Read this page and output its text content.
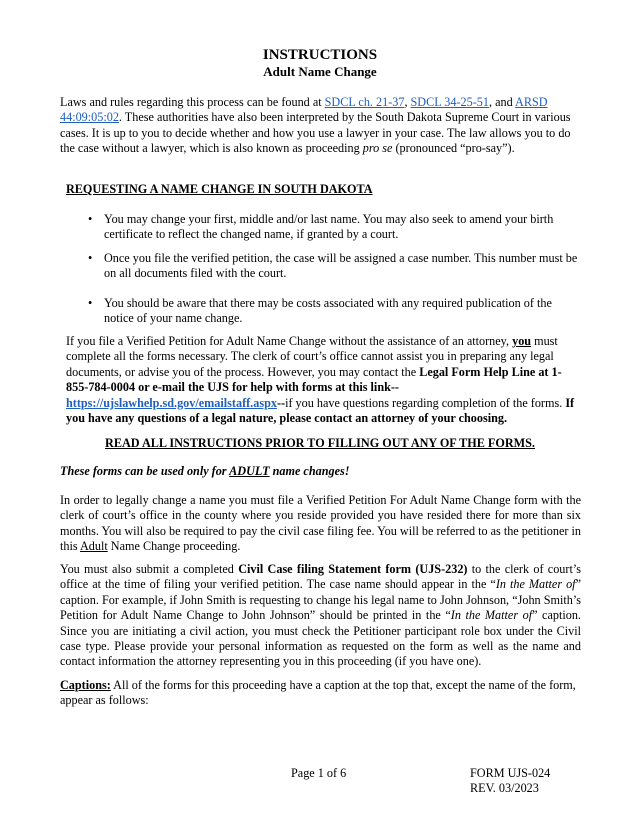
INSTRUCTIONS
Adult Name Change
Laws and rules regarding this process can be found at SDCL ch. 21-37, SDCL 34-25-51, and ARSD 44:09:05:02. These authorities have also been interpreted by the South Dakota Supreme Court in various cases. It is up to you to decide whether and how you use a lawyer in your case. The law allows you to do the case without a lawyer, which is also known as proceeding pro se (pronounced “pro-say”).
REQUESTING A NAME CHANGE IN SOUTH DAKOTA
• You may change your first, middle and/or last name. You may also seek to amend your birth certificate to reflect the changed name, if granted by a court.
• Once you file the verified petition, the case will be assigned a case number. This number must be on all documents filed with the court.
• You should be aware that there may be costs associated with any required publication of the notice of your name change.
If you file a Verified Petition for Adult Name Change without the assistance of an attorney, you must complete all the forms necessary. The clerk of court’s office cannot assist you in preparing any legal documents, or advise you of the process. However, you may contact the Legal Form Help Line at 1-855-784-0004 or e-mail the UJS for help with forms at this link--https://ujslawhelp.sd.gov/emailstaff.aspx--if you have questions regarding completion of the forms. If you have any questions of a legal nature, please contact an attorney of your choosing.
READ ALL INSTRUCTIONS PRIOR TO FILLING OUT ANY OF THE FORMS.
These forms can be used only for ADULT name changes!
In order to legally change a name you must file a Verified Petition For Adult Name Change form with the clerk of court’s office in the county where you reside provided you have resided there for more than six months. You will also be required to pay the civil case filing fee. You will be referred to as the petitioner in this Adult Name Change proceeding.
You must also submit a completed Civil Case filing Statement form (UJS-232) to the clerk of court’s office at the time of filing your verified petition. The case name should appear in the “In the Matter of” caption. For example, if John Smith is requesting to change his legal name to John Johnson, “John Smith’s Petition for Adult Name Change to John Johnson” should be printed in the “In the Matter of” caption. Since you are initiating a civil action, you must check the Petitioner participant role box under the Civil case type. Please provide your personal information as requested on the form as well as the name and contact information the attorney representing you in this proceeding (if you have one).
Captions: All of the forms for this proceeding have a caption at the top that, except the name of the form, appear as follows:
Page 1 of 6	FORM UJS-024
REV. 03/2023
